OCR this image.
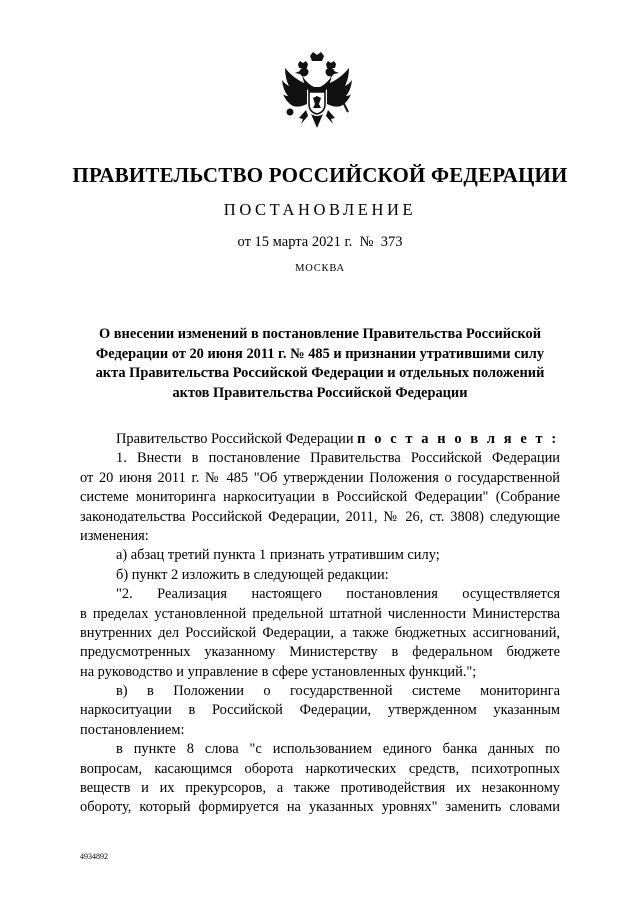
ПРАВИТЕЛЬСТВО РОССИЙСКОЙ ФЕДЕРАЦИИ
ПОСТАНОВЛЕНИЕ
от 15 марта 2021 г.  №  373
МОСКВА
О внесении изменений в постановление Правительства Российской
Федерации от 20 июня 2011 г. № 485 и признании утратившими силу
акта Правительства Российской Федерации и отдельных положений
актов Правительства Российской Федерации
Правительство Российской Федерации п о с т а н о в л я е т :
1. Внести в постановление Правительства Российской Федерации
от 20 июня 2011 г. № 485 "Об утверждении Положения о государственной
системе мониторинга наркоситуации в Российской Федерации" (Собрание
законодательства Российской Федерации, 2011, № 26, ст. 3808) следующие
изменения:
а) абзац третий пункта 1 признать утратившим силу;
б) пункт 2 изложить в следующей редакции:
"2. Реализация настоящего постановления осуществляется
в пределах установленной предельной штатной численности Министерства
внутренних дел Российской Федерации, а также бюджетных ассигнований,
предусмотренных указанному Министерству в федеральном бюджете
на руководство и управление в сфере установленных функций.";
в) в Положении о государственной системе мониторинга
наркоситуации в Российской Федерации, утвержденном указанным
постановлением:
в пункте 8 слова "с использованием единого банка данных по
вопросам, касающимся оборота наркотических средств, психотропных
веществ и их прекурсоров, а также противодействия их незаконному
обороту, который формируется на указанных уровнях" заменить словами
4934892
